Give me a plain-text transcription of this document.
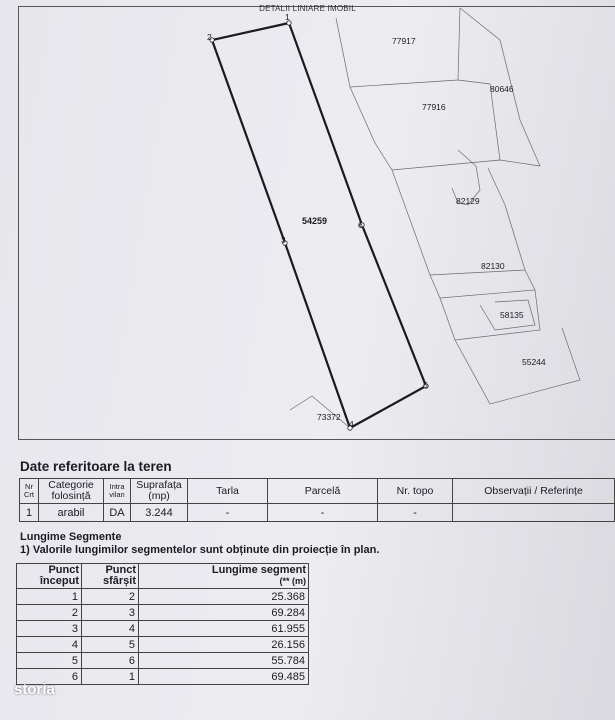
DETALII LINIARE IMOBIL
1
2
3
4
5
6
54259
77917
77916
80646
82129
82130
58135
55244
73372
Date referitoare la teren
Nr Crt	Categorie folosință	Intra vilan	Suprafața (mp)	Tarla	Parcelă	Nr. topo	Observații / Referințe
1	arabil	DA	3.244	-	-	-	
Lungime Segmente
1) Valorile lungimilor segmentelor sunt obținute din proiecție în plan.
Punct început	Punct sfârșit	Lungime segment
(** (m)

1	2	25.368
2	3	69.284
3	4	61.955
4	5	26.156
5	6	55.784
6	1	69.485
storia
